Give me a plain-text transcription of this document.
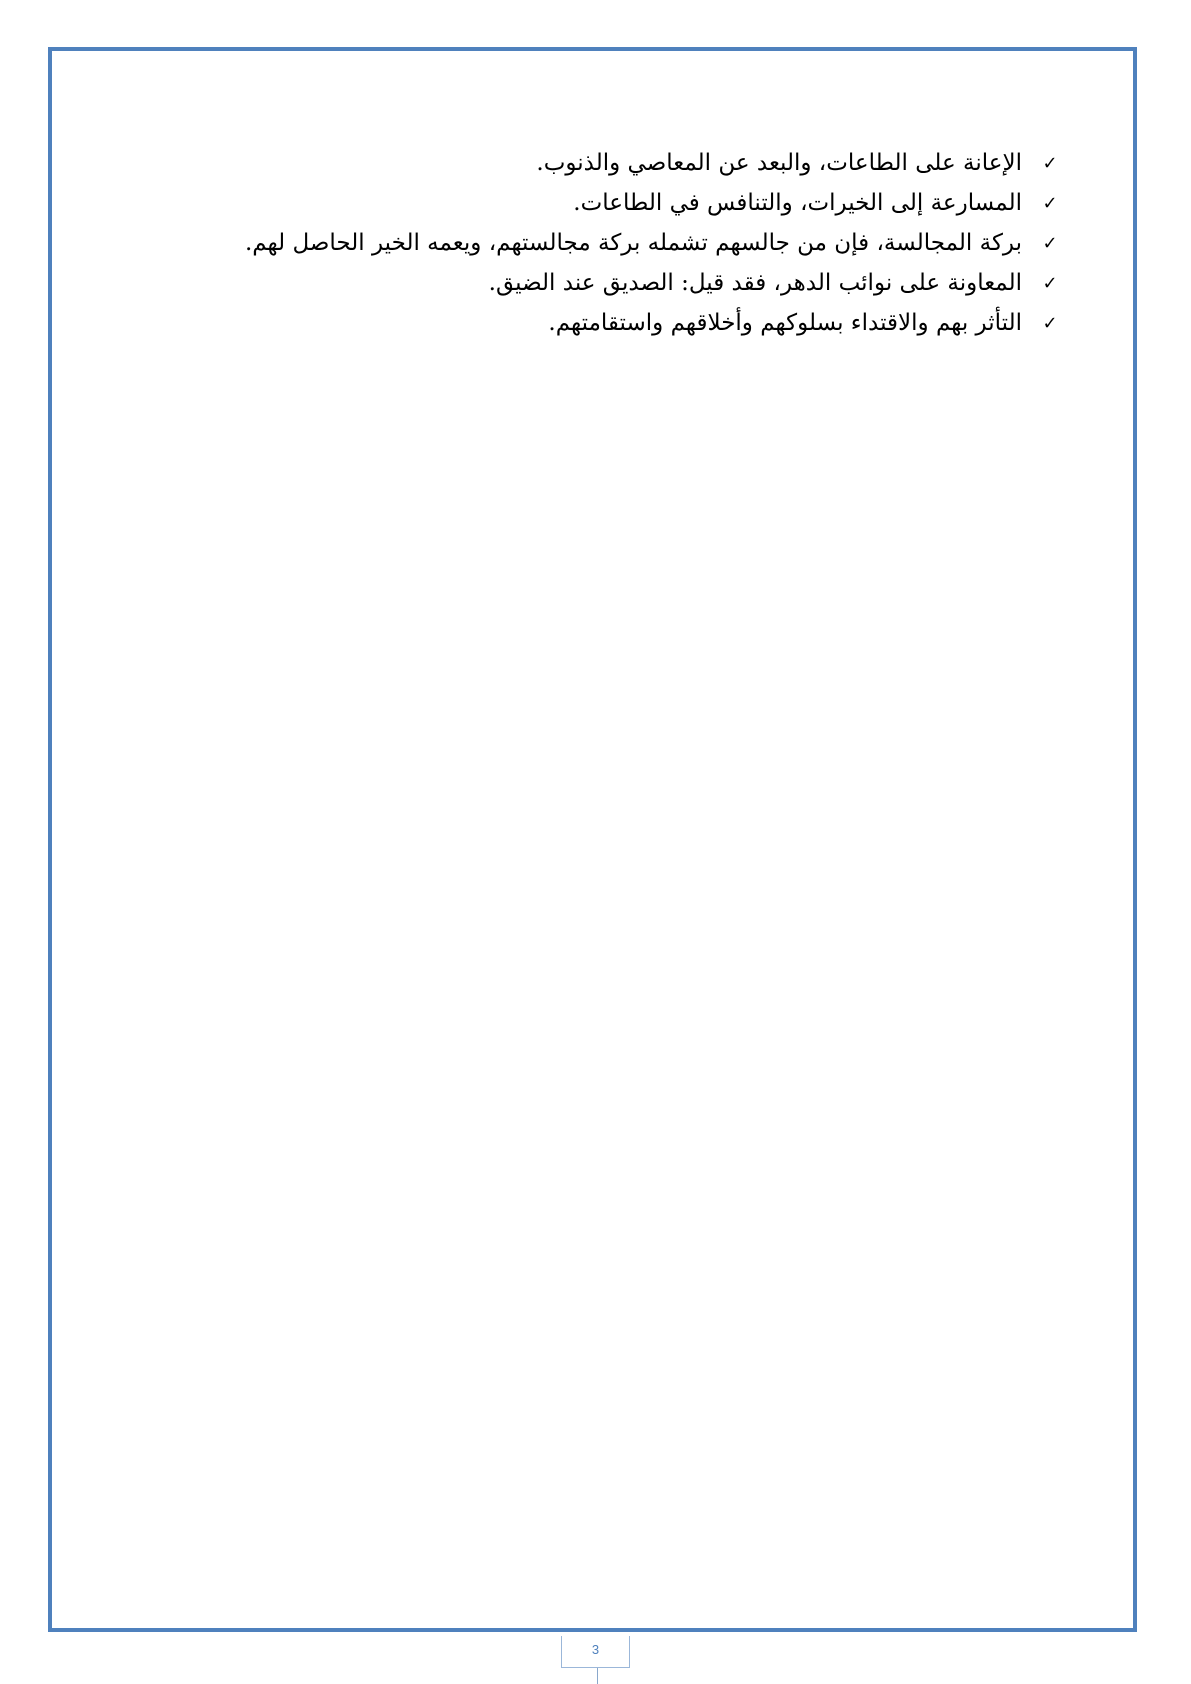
✓
الإعانة على الطاعات، والبعد عن المعاصي والذنوب.
✓
المسارعة إلى الخيرات، والتنافس في الطاعات.
✓
بركة المجالسة، فإن من جالسهم تشمله بركة مجالستهم، ويعمه الخير الحاصل لهم.
✓
المعاونة على نوائب الدهر، فقد قيل: الصديق عند الضيق.
✓
التأثر بهم والاقتداء بسلوكهم وأخلاقهم واستقامتهم.
3
